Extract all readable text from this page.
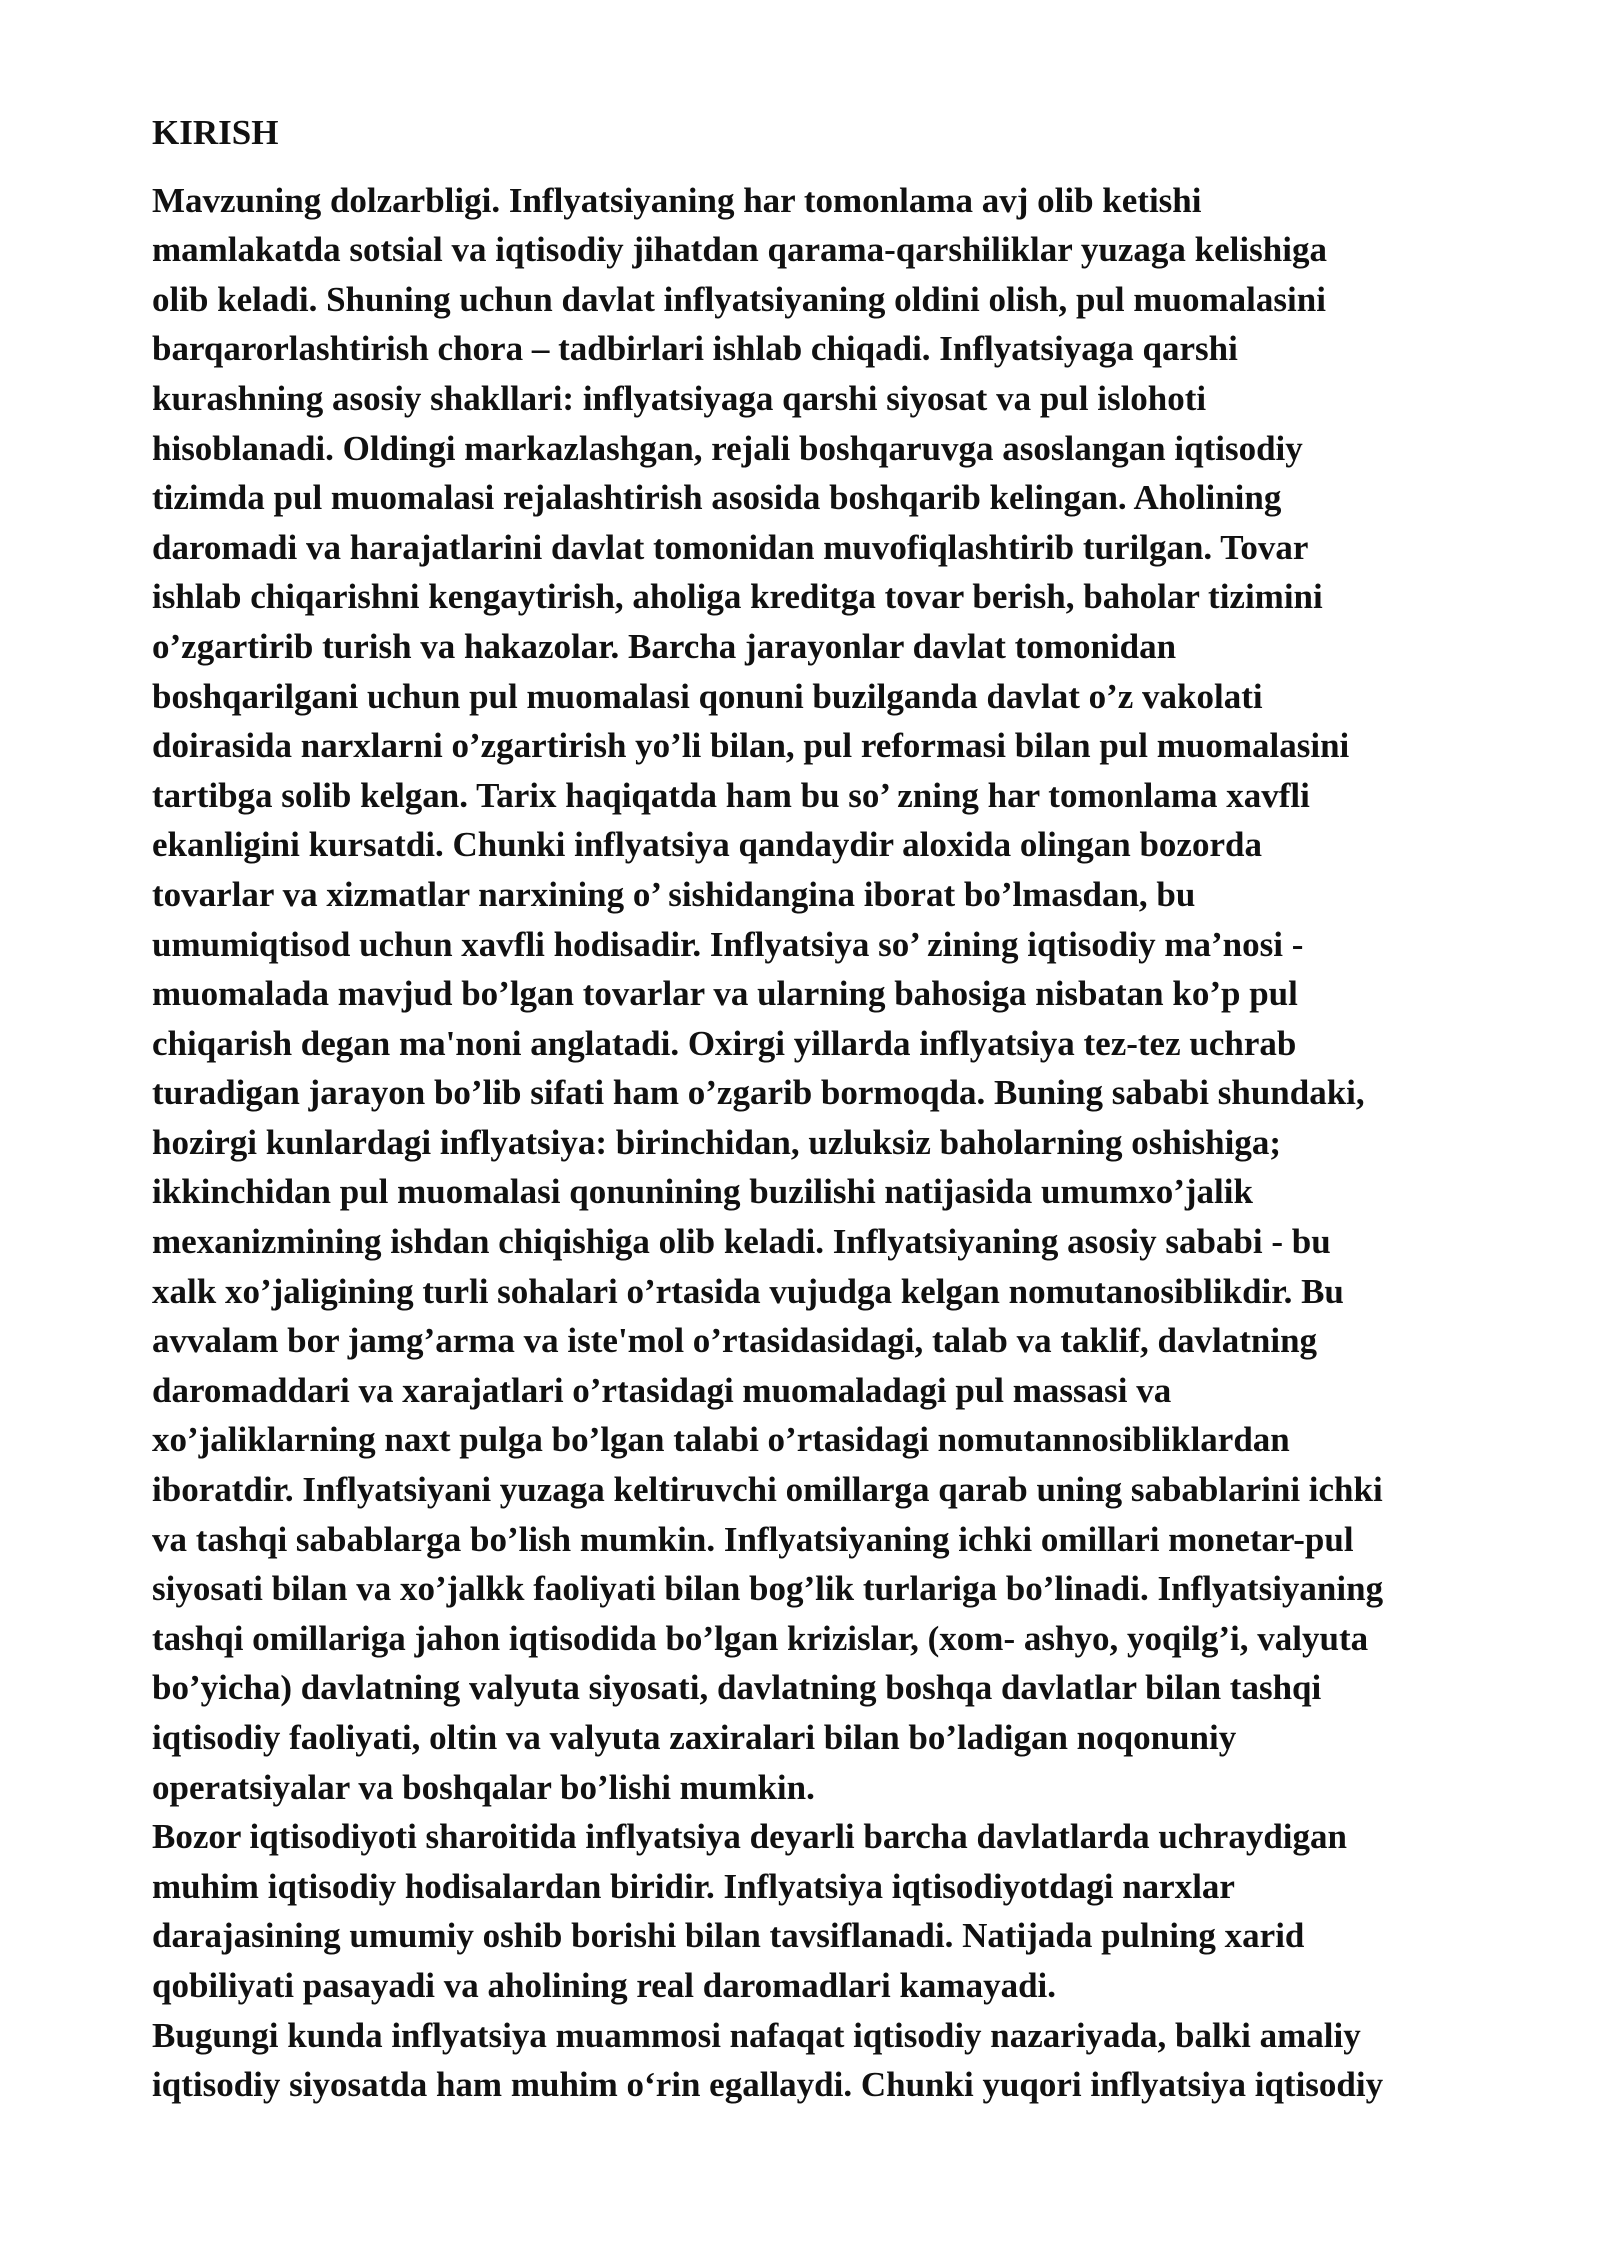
KIRISH
Mavzuning dolzarbligi. Inflyatsiyaning har tomonlama avj olib ketishi
mamlakatda sotsial va iqtisodiy jihatdan qarama-qarshiliklar yuzaga kelishiga
olib keladi. Shuning uchun davlat inflyatsiyaning oldini olish, pul muomalasini
barqarorlashtirish chora – tadbirlari ishlab chiqadi. Inflyatsiyaga qarshi
kurashning asosiy shakllari: inflyatsiyaga qarshi siyosat va pul islohoti
hisoblanadi. Oldingi markazlashgan, rejali boshqaruvga asoslangan iqtisodiy
tizimda pul muomalasi rejalashtirish asosida boshqarib kelingan. Aholining
daromadi va harajatlarini davlat tomonidan muvofiqlashtirib turilgan. Tovar
ishlab chiqarishni kengaytirish, aholiga kreditga tovar berish, baholar tizimini
o’zgartirib turish va hakazolar. Barcha jarayonlar davlat tomonidan
boshqarilgani uchun pul muomalasi qonuni buzilganda davlat o’z vakolati
doirasida narxlarni o’zgartirish yo’li bilan, pul reformasi bilan pul muomalasini
tartibga solib kelgan. Tarix haqiqatda ham bu so’ zning har tomonlama xavfli
ekanligini kursatdi. Chunki inflyatsiya qandaydir aloxida olingan bozorda
tovarlar va xizmatlar narxining o’ sishidangina iborat bo’lmasdan, bu
umumiqtisod uchun xavfli hodisadir. Inflyatsiya so’ zining iqtisodiy ma’nosi -
muomalada mavjud bo’lgan tovarlar va ularning bahosiga nisbatan ko’p pul
chiqarish degan ma'noni anglatadi. Oxirgi yillarda inflyatsiya tez-tez uchrab
turadigan jarayon bo’lib sifati ham o’zgarib bormoqda. Buning sababi shundaki,
hozirgi kunlardagi inflyatsiya: birinchidan, uzluksiz baholarning oshishiga;
ikkinchidan pul muomalasi qonunining buzilishi natijasida umumxo’jalik
mexanizmining ishdan chiqishiga olib keladi. Inflyatsiyaning asosiy sababi - bu
xalk xo’jaligining turli sohalari o’rtasida vujudga kelgan nomutanosiblikdir. Bu
avvalam bor jamg’arma va iste'mol o’rtasidasidagi, talab va taklif, davlatning
daromaddari va xarajatlari o’rtasidagi muomaladagi pul massasi va
xo’jaliklarning naxt pulga bo’lgan talabi o’rtasidagi nomutannosibliklardan
iboratdir. Inflyatsiyani yuzaga keltiruvchi omillarga qarab uning sabablarini ichki
va tashqi sabablarga bo’lish mumkin. Inflyatsiyaning ichki omillari monetar-pul
siyosati bilan va xo’jalkk faoliyati bilan bog’lik turlariga bo’linadi. Inflyatsiyaning
tashqi omillariga jahon iqtisodida bo’lgan krizislar, (xom- ashyo, yoqilg’i, valyuta
bo’yicha) davlatning valyuta siyosati, davlatning boshqa davlatlar bilan tashqi
iqtisodiy faoliyati, oltin va valyuta zaxiralari bilan bo’ladigan noqonuniy
operatsiyalar va boshqalar bo’lishi mumkin.
Bozor iqtisodiyoti sharoitida inflyatsiya deyarli barcha davlatlarda uchraydigan
muhim iqtisodiy hodisalardan biridir. Inflyatsiya iqtisodiyotdagi narxlar
darajasining umumiy oshib borishi bilan tavsiflanadi. Natijada pulning xarid
qobiliyati pasayadi va aholining real daromadlari kamayadi.
Bugungi kunda inflyatsiya muammosi nafaqat iqtisodiy nazariyada, balki amaliy
iqtisodiy siyosatda ham muhim oʻrin egallaydi. Chunki yuqori inflyatsiya iqtisodiy
